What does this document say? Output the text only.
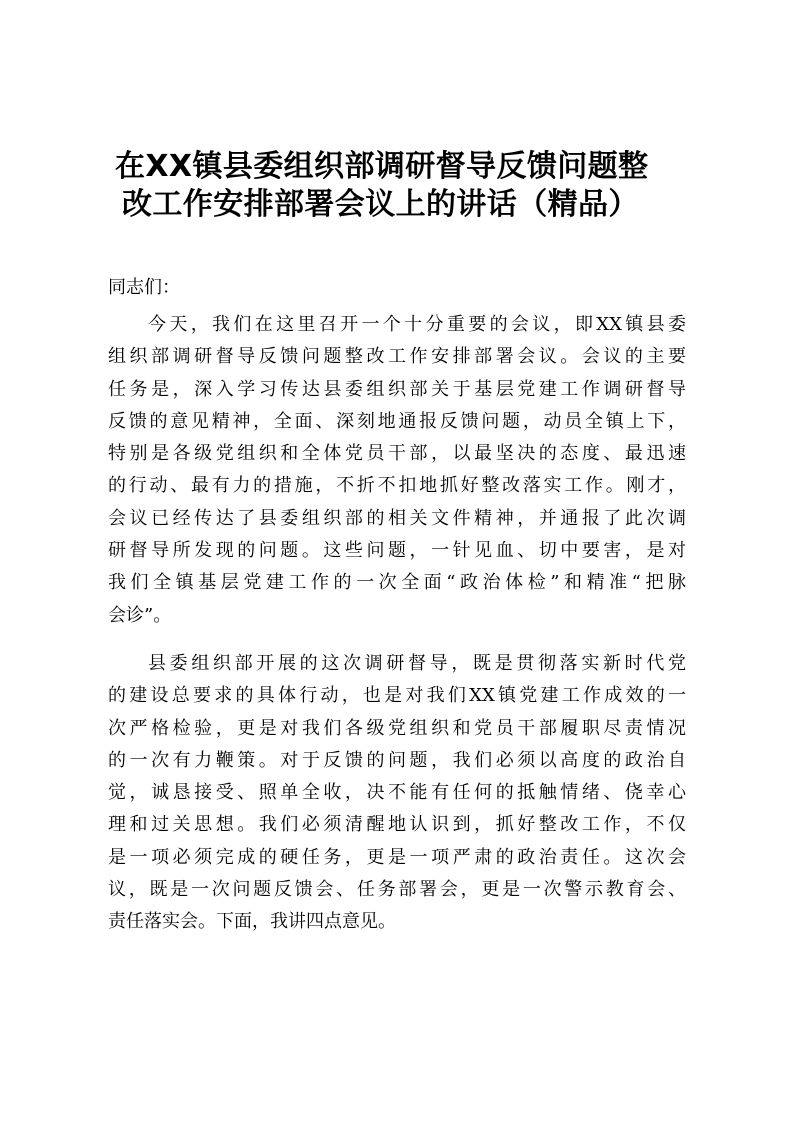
在XX镇县委组织部调研督导反馈问题整
改工作安排部署会议上的讲话（精品）
同志们：
今天，我们在这里召开一个十分重要的会议，即XX镇县委
组织部调研督导反馈问题整改工作安排部署会议。会议的主要
任务是，深入学习传达县委组织部关于基层党建工作调研督导
反馈的意见精神，全面、深刻地通报反馈问题，动员全镇上下，
特别是各级党组织和全体党员干部，以最坚决的态度、最迅速
的行动、最有力的措施，不折不扣地抓好整改落实工作。刚才，
会议已经传达了县委组织部的相关文件精神，并通报了此次调
研督导所发现的问题。这些问题，一针见血、切中要害，是对
我们全镇基层党建工作的一次全面“政治体检”和精准“把脉
会诊”。
县委组织部开展的这次调研督导，既是贯彻落实新时代党
的建设总要求的具体行动，也是对我们XX镇党建工作成效的一
次严格检验，更是对我们各级党组织和党员干部履职尽责情况
的一次有力鞭策。对于反馈的问题，我们必须以高度的政治自
觉，诚恳接受、照单全收，决不能有任何的抵触情绪、侥幸心
理和过关思想。我们必须清醒地认识到，抓好整改工作，不仅
是一项必须完成的硬任务，更是一项严肃的政治责任。这次会
议，既是一次问题反馈会、任务部署会，更是一次警示教育会、
责任落实会。下面，我讲四点意见。
